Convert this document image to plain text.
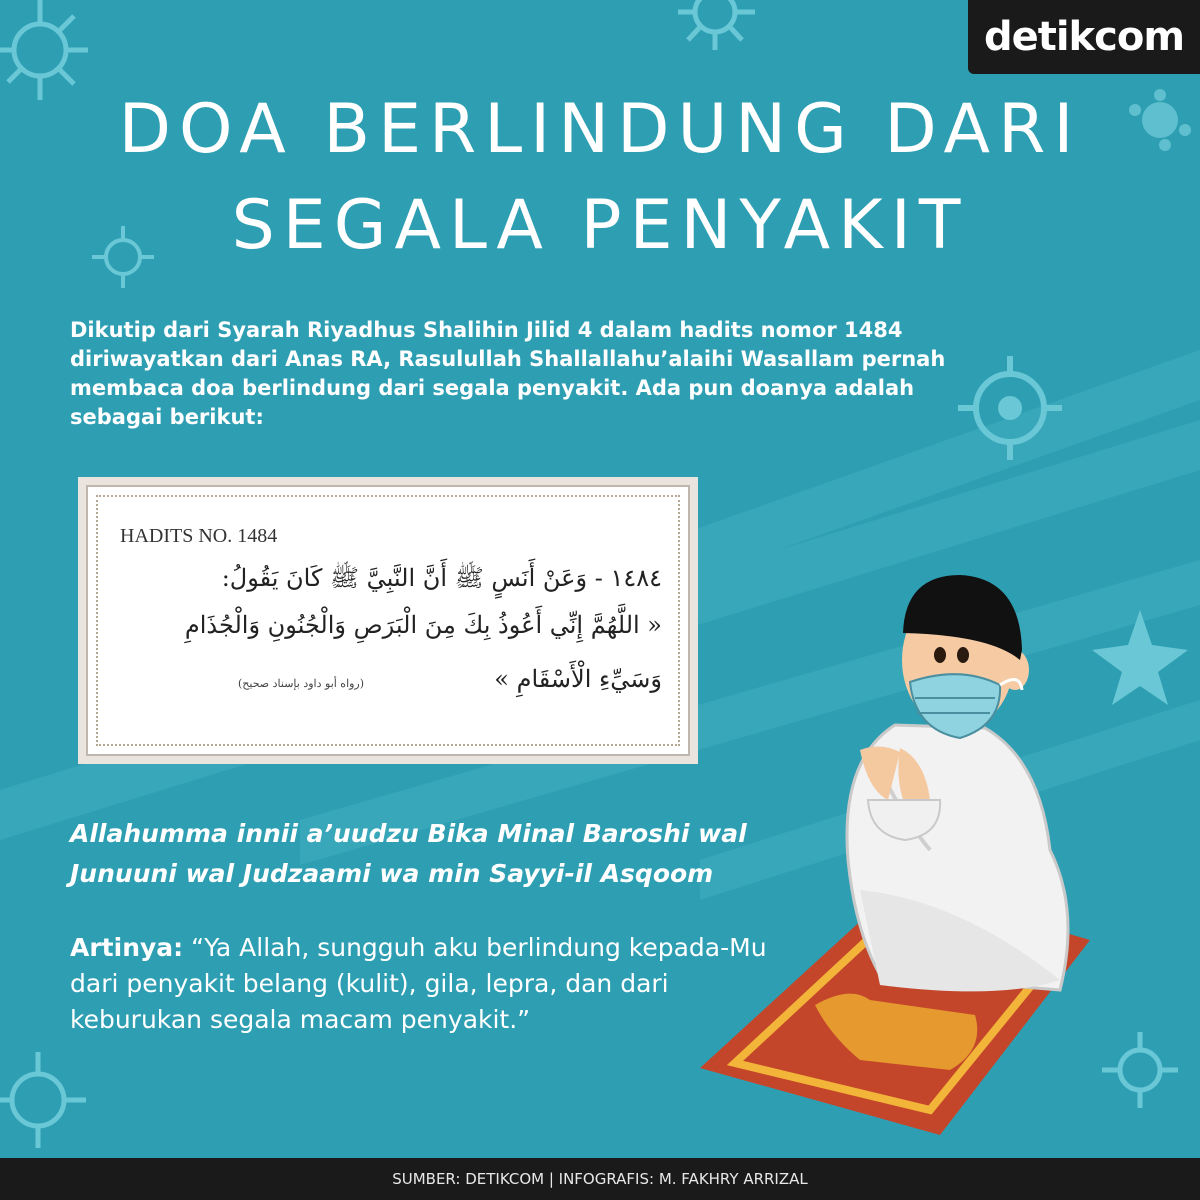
detikcom
DOA BERLINDUNG DARI
SEGALA PENYAKIT

Dikutip dari Syarah Riyadhus Shalihin Jilid 4 dalam hadits nomor 1484 diriwayatkan dari Anas RA, Rasulullah Shallallahu’alaihi Wasallam pernah membaca doa berlindung dari segala penyakit. Ada pun doanya adalah sebagai berikut:

HADITS NO. 1484
١٤٨٤ - وَعَنْ أَنَسٍ ﷺ أَنَّ النَّبِيَّ ﷺ كَانَ يَقُولُ:
« اللَّهُمَّ إِنِّي أَعُوذُ بِكَ مِنَ الْبَرَصِ وَالْجُنُونِ وَالْجُذَامِ
وَسَيِّءِ الْأَسْقَامِ »
(رواه أبو داود بإسناد صحيح)

Allahumma innii a’uudzu Bika Minal Baroshi wal Junuuni wal Judzaami wa min Sayyi-il Asqoom

Artinya: “Ya Allah, sungguh aku berlindung kepada-Mu dari penyakit belang (kulit), gila, lepra, dan dari keburukan segala macam penyakit.”

SUMBER: DETIKCOM | INFOGRAFIS: M. FAKHRY ARRIZAL
